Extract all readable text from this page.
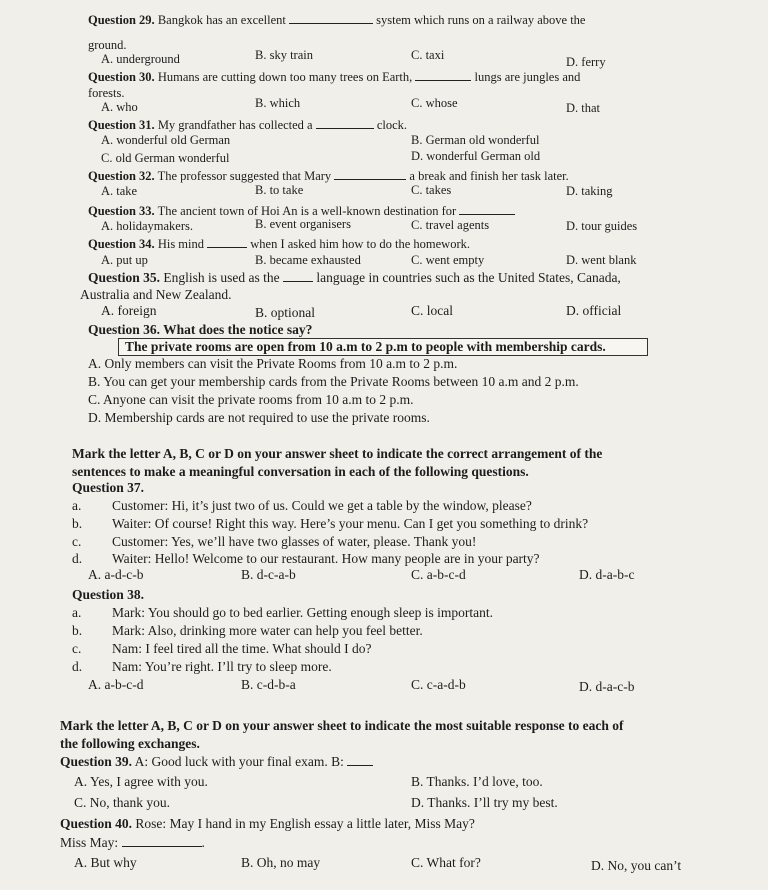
Question 29. Bangkok has an excellent	system which runs on a railway above the
ground.
A. underground	B. sky train	C. taxi	D. ferry
Question 30. Humans are cutting down too many trees on Earth,	lungs are jungles and
forests.
A. who	B. which	C. whose	D. that
Question 31. My grandfather has collected a	clock.
A. wonderful old German	B. German old wonderful
C. old German wonderful	D. wonderful German old
Question 32. The professor suggested that Mary	a break and finish her task later.
A. take	B. to take	C. takes	D. taking
Question 33. The ancient town of Hoi An is a well-known destination for
A. holidaymakers.	B. event organisers	C. travel agents	D. tour guides
Question 34. His mind	when I asked him how to do the homework.
A. put up	B. became exhausted	C. went empty	D. went blank
Question 35. English is used as the	language in countries such as the United States, Canada,
Australia and New Zealand.
A. foreign	B. optional	C. local	D. official
Question 36. What does the notice say?
The private rooms are open from 10 a.m to 2 p.m to people with membership cards.
A. Only members can visit the Private Rooms from 10 a.m to 2 p.m.
B. You can get your membership cards from the Private Rooms between 10 a.m and 2 p.m.
C. Anyone can visit the private rooms from 10 a.m to 2 p.m.
D. Membership cards are not required to use the private rooms.
Mark the letter A, B, C or D on your answer sheet to indicate the correct arrangement of the
sentences to make a meaningful conversation in each of the following questions.
Question 37.
a. Customer: Hi, it’s just two of us. Could we get a table by the window, please?
b. Waiter: Of course! Right this way. Here’s your menu. Can I get you something to drink?
c. Customer: Yes, we’ll have two glasses of water, please. Thank you!
d. Waiter: Hello! Welcome to our restaurant. How many people are in your party?
A. a-d-c-b	B. d-c-a-b	C. a-b-c-d	D. d-a-b-c
Question 38.
a. Mark: You should go to bed earlier. Getting enough sleep is important.
b. Mark: Also, drinking more water can help you feel better.
c. Nam: I feel tired all the time. What should I do?
d. Nam: You’re right. I’ll try to sleep more.
A. a-b-c-d	B. c-d-b-a	C. c-a-d-b	D. d-a-c-b
Mark the letter A, B, C or D on your answer sheet to indicate the most suitable response to each of
the following exchanges.
Question 39. A: Good luck with your final exam. B:
A. Yes, I agree with you.	B. Thanks. I’d love, too.
C. No, thank you.	D. Thanks. I’ll try my best.
Question 40. Rose: May I hand in my English essay a little later, Miss May?
Miss May:	.
A. But why	B. Oh, no may	C. What for?	D. No, you can’t
